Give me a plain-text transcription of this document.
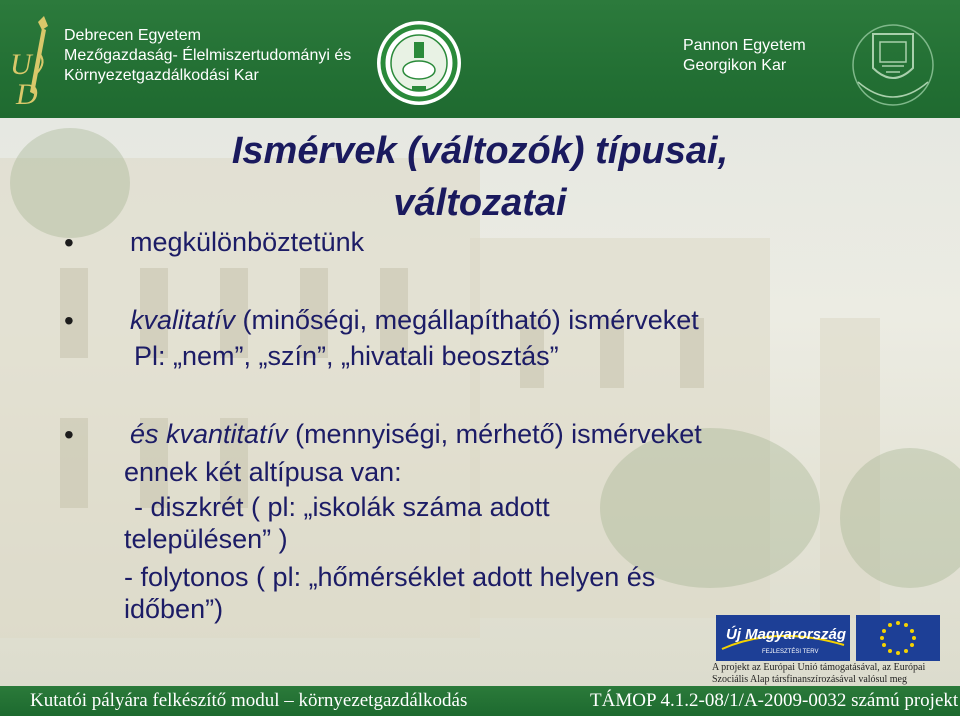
U
D
Debrecen Egyetem
Mezőgazdaság- Élelmiszertudományi és
Környezetgazdálkodási Kar
Pannon Egyetem
Georgikon Kar
Ismérvek (változók) típusai,
változatai
• megkülönböztetünk
• kvalitatív (minőségi, megállapítható) ismérveket
Pl: „nem”, „szín”, „hivatali beosztás”
• és kvantitatív (mennyiségi, mérhető) ismérveket
ennek két altípusa van:
- diszkrét ( pl: „iskolák száma adott
településen” )
- folytonos ( pl: „hőmérséklet adott helyen és
időben”)
Új Magyarország
FEJLESZTÉSI TERV
A projekt az Európai Unió támogatásával, az Európai
Szociális Alap társfinanszírozásával valósul meg
Kutatói pályára felkészítő modul – környezetgazdálkodás	TÁMOP 4.1.2-08/1/A-2009-0032 számú projekt
